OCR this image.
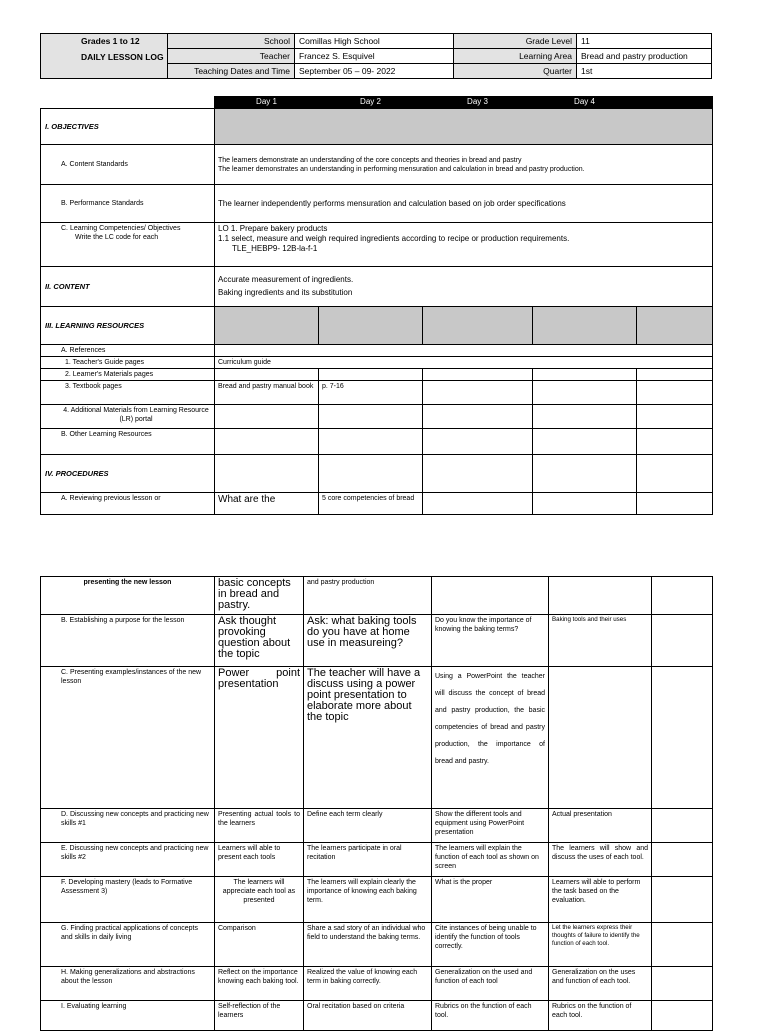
Grades 1 to 12
DAILY LESSON LOG	School	Comillas High School	Grade Level	11
	Teacher	Francez S. Esquivel	Learning Area	Bread and pastry production
	Teaching Dates and Time	September 05 – 09- 2022	Quarter	1st
	Day 1	Day 2	Day 3	Day 4	
I. OBJECTIVES					
A. Content Standards	The learners demonstrate an understanding of the core concepts and theories in bread and pastry
The learner demonstrates an understanding in performing mensuration and calculation in bread and pastry production.				

B. Performance Standards	The learner independently performs mensuration and calculation based on job order specifications				

C. Learning Competencies/ Objectives
Write the LC code for each	LO 1. Prepare bakery products
1.1 select, measure and weigh required ingredients according to recipe or production requirements.
TLE_HEBP9- 12B-la-f-1				

II. CONTENT	Accurate measurement of ingredients.
Baking ingredients and its substitution				

III. LEARNING RESOURCES					
A. References					
1. Teacher's Guide pages	Curriculum guide				
2. Learner's Materials pages					
3. Textbook pages	Bread and pastry manual book	p. 7-16			
4. Additional Materials from Learning Resource (LR) portal					
B. Other Learning Resources					
IV. PROCEDURES					
A. Reviewing previous lesson or	What are the	5 core competencies of bread			
presenting the new lesson	basic concepts in bread and pastry.	and pastry production			
B. Establishing a purpose for the lesson	Ask thought provoking question about the topic	Ask: what baking tools do you have at home use in measureing?	Do you know the importance of knowing the baking terms?	Baking tools and their uses	
C. Presenting examples/instances of the new lesson	Power point presentation	The teacher will have a discuss using a power point presentation to elaborate more about the topic	Using a PowerPoint the teacher will discuss the concept of bread and pastry production, the basic competencies of bread and pastry production, the importance of bread and pastry.		
D. Discussing new concepts and practicing new skills #1	Presenting actual tools to the learners	Define each term clearly	Show the different tools and equipment using PowerPoint presentation	Actual presentation	
E. Discussing new concepts and practicing new skills #2	Learners will able to present each tools	The learners participate in oral recitation	The learners will explain the function of each tool as shown on screen	The learners will show and discuss the uses of each tool.	
F. Developing mastery (leads to Formative Assessment 3)	The learners will appreciate each tool as presented	The learners will explain clearly the importance of knowing each baking term.	What is the proper	Learners will able to perform the task based on the evaluation.	
G. Finding practical applications of concepts and skills in daily living	Comparison	Share a sad story of an individual who field to understand the baking terms.	Cite instances of being unable to identify the function of tools correctly.	Let the learners express their thoughts of failure to identify the function of each tool.	
H. Making generalizations and abstractions about the lesson	Reflect on the importance knowing each baking tool.	Realized the value of knowing each term in baking correctly.	Generalization on the used and function of each tool	Generalization on the uses and function of each tool.	
I. Evaluating learning	Self-reflection of the learners	Oral recitation based on criteria	Rubrics on the function of each tool.	Rubrics on the function of each tool.	
